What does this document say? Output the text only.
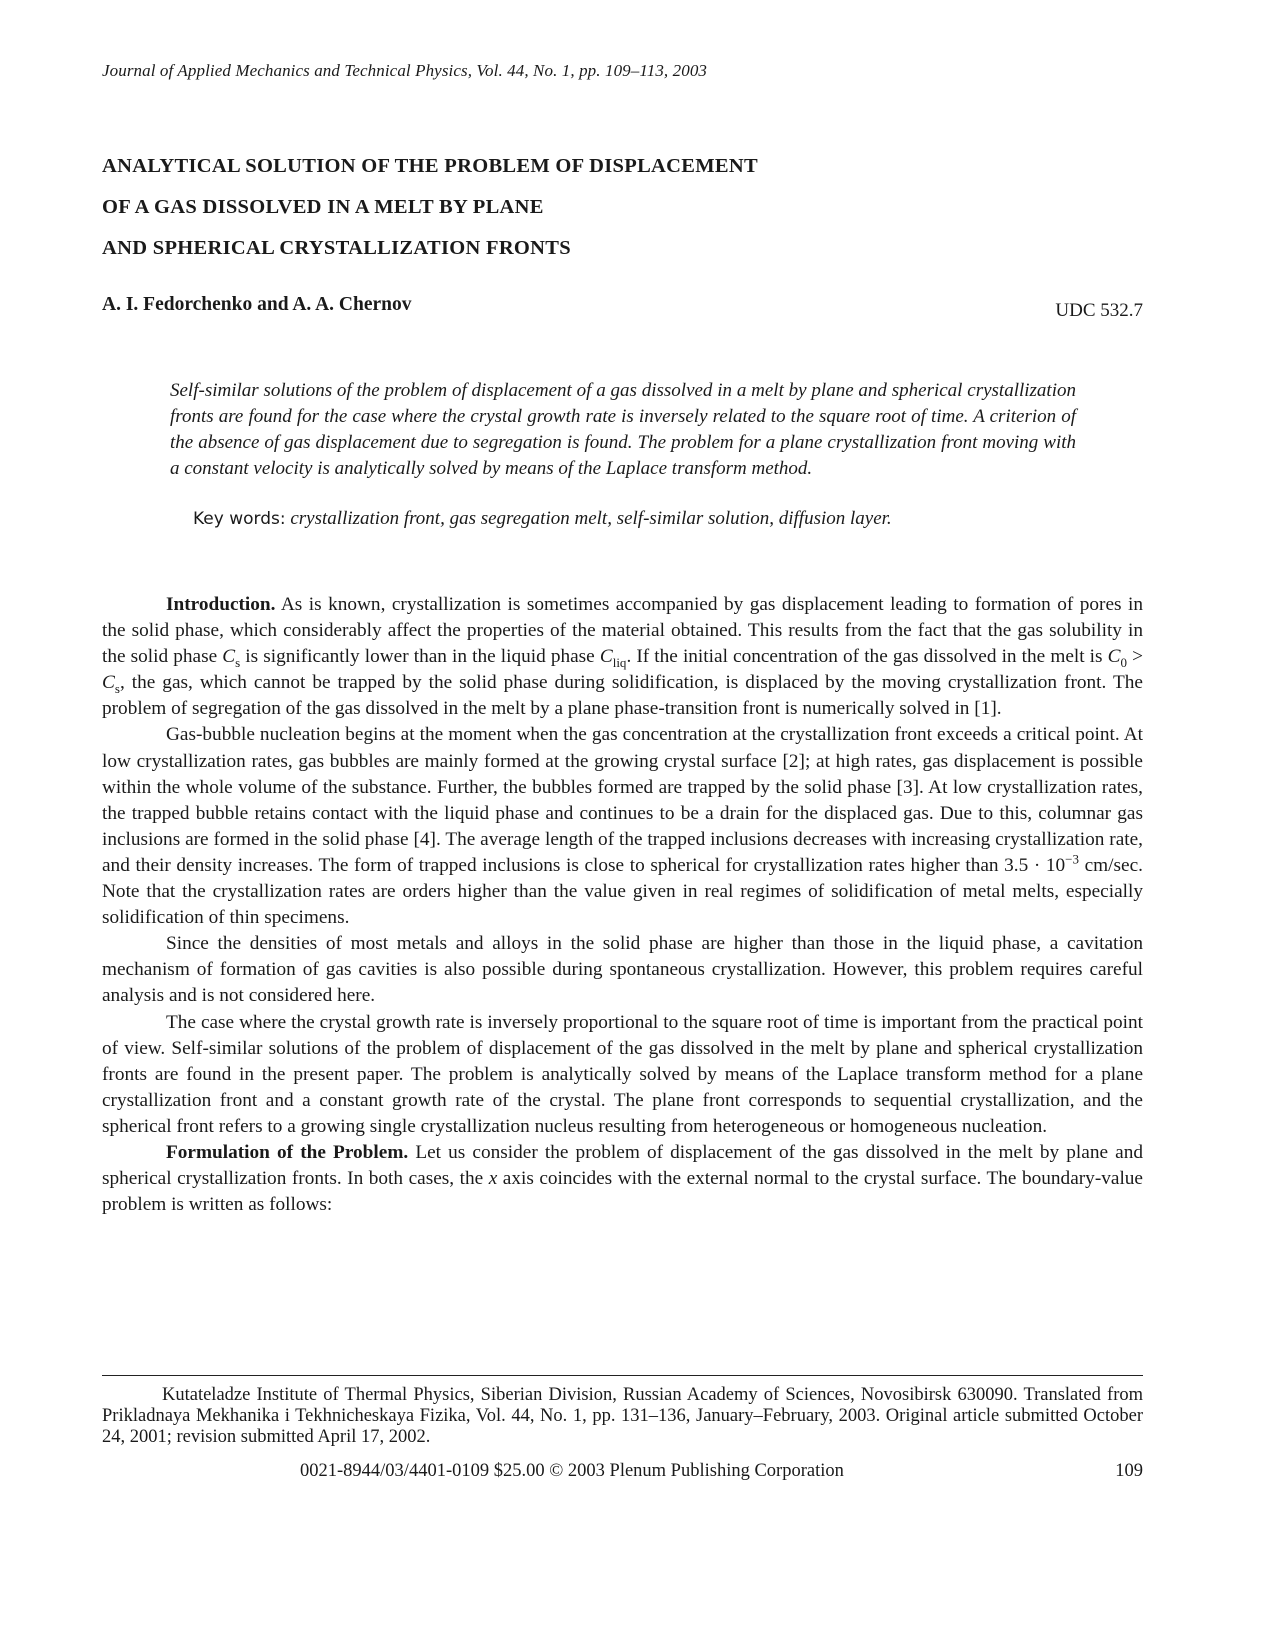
Journal of Applied Mechanics and Technical Physics, Vol. 44, No. 1, pp. 109–113, 2003
ANALYTICAL SOLUTION OF THE PROBLEM OF DISPLACEMENT
OF A GAS DISSOLVED IN A MELT BY PLANE
AND SPHERICAL CRYSTALLIZATION FRONTS
A. I. Fedorchenko and A. A. Chernov	UDC 532.7
Self-similar solutions of the problem of displacement of a gas dissolved in a melt by plane and spherical crystallization fronts are found for the case where the crystal growth rate is inversely related to the square root of time. A criterion of the absence of gas displacement due to segregation is found. The problem for a plane crystallization front moving with a constant velocity is analytically solved by means of the Laplace transform method.
Key words: crystallization front, gas segregation melt, self-similar solution, diffusion layer.

Introduction. As is known, crystallization is sometimes accompanied by gas displacement leading to formation of pores in the solid phase, which considerably affect the properties of the material obtained. This results from the fact that the gas solubility in the solid phase $C_s$ is significantly lower than in the liquid phase $C_{liq}$. If the initial concentration of the gas dissolved in the melt is $C_0 > C_s$, the gas, which cannot be trapped by the solid phase during solidification, is displaced by the moving crystallization front. The problem of segregation of the gas dissolved in the melt by a plane phase-transition front is numerically solved in [1].

Gas-bubble nucleation begins at the moment when the gas concentration at the crystallization front exceeds a critical point. At low crystallization rates, gas bubbles are mainly formed at the growing crystal surface [2]; at high rates, gas displacement is possible within the whole volume of the substance. Further, the bubbles formed are trapped by the solid phase [3]. At low crystallization rates, the trapped bubble retains contact with the liquid phase and continues to be a drain for the displaced gas. Due to this, columnar gas inclusions are formed in the solid phase [4]. The average length of the trapped inclusions decreases with increasing crystallization rate, and their density increases. The form of trapped inclusions is close to spherical for crystallization rates higher than $3.5 \cdot 10^{-3}$ cm/sec. Note that the crystallization rates are orders higher than the value given in real regimes of solidification of metal melts, especially solidification of thin specimens.

Since the densities of most metals and alloys in the solid phase are higher than those in the liquid phase, a cavitation mechanism of formation of gas cavities is also possible during spontaneous crystallization. However, this problem requires careful analysis and is not considered here.

The case where the crystal growth rate is inversely proportional to the square root of time is important from the practical point of view. Self-similar solutions of the problem of displacement of the gas dissolved in the melt by plane and spherical crystallization fronts are found in the present paper. The problem is analytically solved by means of the Laplace transform method for a plane crystallization front and a constant growth rate of the crystal. The plane front corresponds to sequential crystallization, and the spherical front refers to a growing single crystallization nucleus resulting from heterogeneous or homogeneous nucleation.

Formulation of the Problem. Let us consider the problem of displacement of the gas dissolved in the melt by plane and spherical crystallization fronts. In both cases, the x axis coincides with the external normal to the crystal surface. The boundary-value problem is written as follows:

Kutateladze Institute of Thermal Physics, Siberian Division, Russian Academy of Sciences, Novosibirsk 630090. Translated from Prikladnaya Mekhanika i Tekhnicheskaya Fizika, Vol. 44, No. 1, pp. 131–136, January–February, 2003. Original article submitted October 24, 2001; revision submitted April 17, 2002.
0021-8944/03/4401-0109 $25.00 © 2003 Plenum Publishing Corporation	109
